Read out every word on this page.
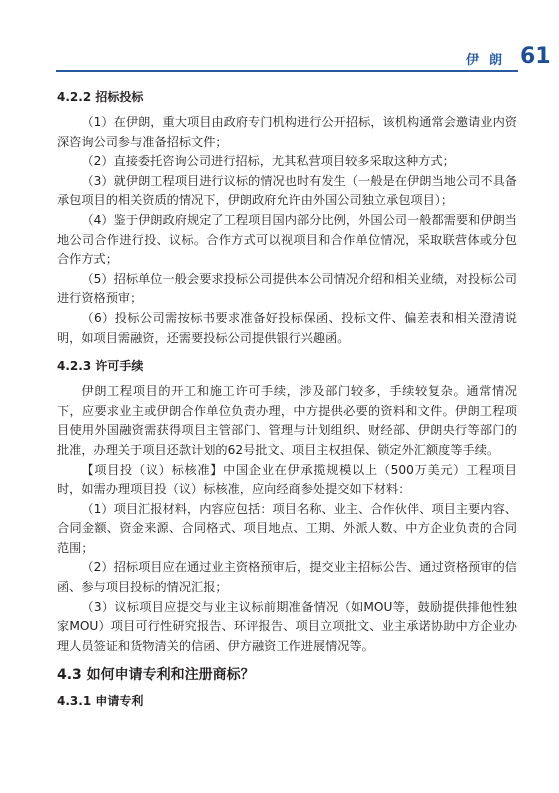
伊朗 61
4.2.2 招标投标

（1）在伊朗，重大项目由政府专门机构进行公开招标，该机构通常会邀请业内资深咨询公司参与准备招标文件；

（2）直接委托咨询公司进行招标，尤其私营项目较多采取这种方式；

（3）就伊朗工程项目进行议标的情况也时有发生（一般是在伊朗当地公司不具备承包项目的相关资质的情况下，伊朗政府允许由外国公司独立承包项目）；

（4）鉴于伊朗政府规定了工程项目国内部分比例，外国公司一般都需要和伊朗当地公司合作进行投、议标。合作方式可以视项目和合作单位情况，采取联营体或分包合作方式；

（5）招标单位一般会要求投标公司提供本公司情况介绍和相关业绩，对投标公司进行资格预审；

（6）投标公司需按标书要求准备好投标保函、投标文件、偏差表和相关澄清说明，如项目需融资，还需要投标公司提供银行兴趣函。

4.2.3 许可手续

伊朗工程项目的开工和施工许可手续，涉及部门较多，手续较复杂。通常情况下，应要求业主或伊朗合作单位负责办理，中方提供必要的资料和文件。伊朗工程项目使用外国融资需获得项目主管部门、管理与计划组织、财经部、伊朗央行等部门的批准，办理关于项目还款计划的62号批文、项目主权担保、锁定外汇额度等手续。

【项目投（议）标核准】中国企业在伊承揽规模以上（500万美元）工程项目时，如需办理项目投（议）标核准，应向经商参处提交如下材料：

（1）项目汇报材料，内容应包括：项目名称、业主、合作伙伴、项目主要内容、合同金额、资金来源、合同格式、项目地点、工期、外派人数、中方企业负责的合同范围；

（2）招标项目应在通过业主资格预审后，提交业主招标公告、通过资格预审的信函、参与项目投标的情况汇报；

（3）议标项目应提交与业主议标前期准备情况（如MOU等，鼓励提供排他性独家MOU）项目可行性研究报告、环评报告、项目立项批文、业主承诺协助中方企业办理人员签证和货物清关的信函、伊方融资工作进展情况等。

4.3 如何申请专利和注册商标？
4.3.1 申请专利
